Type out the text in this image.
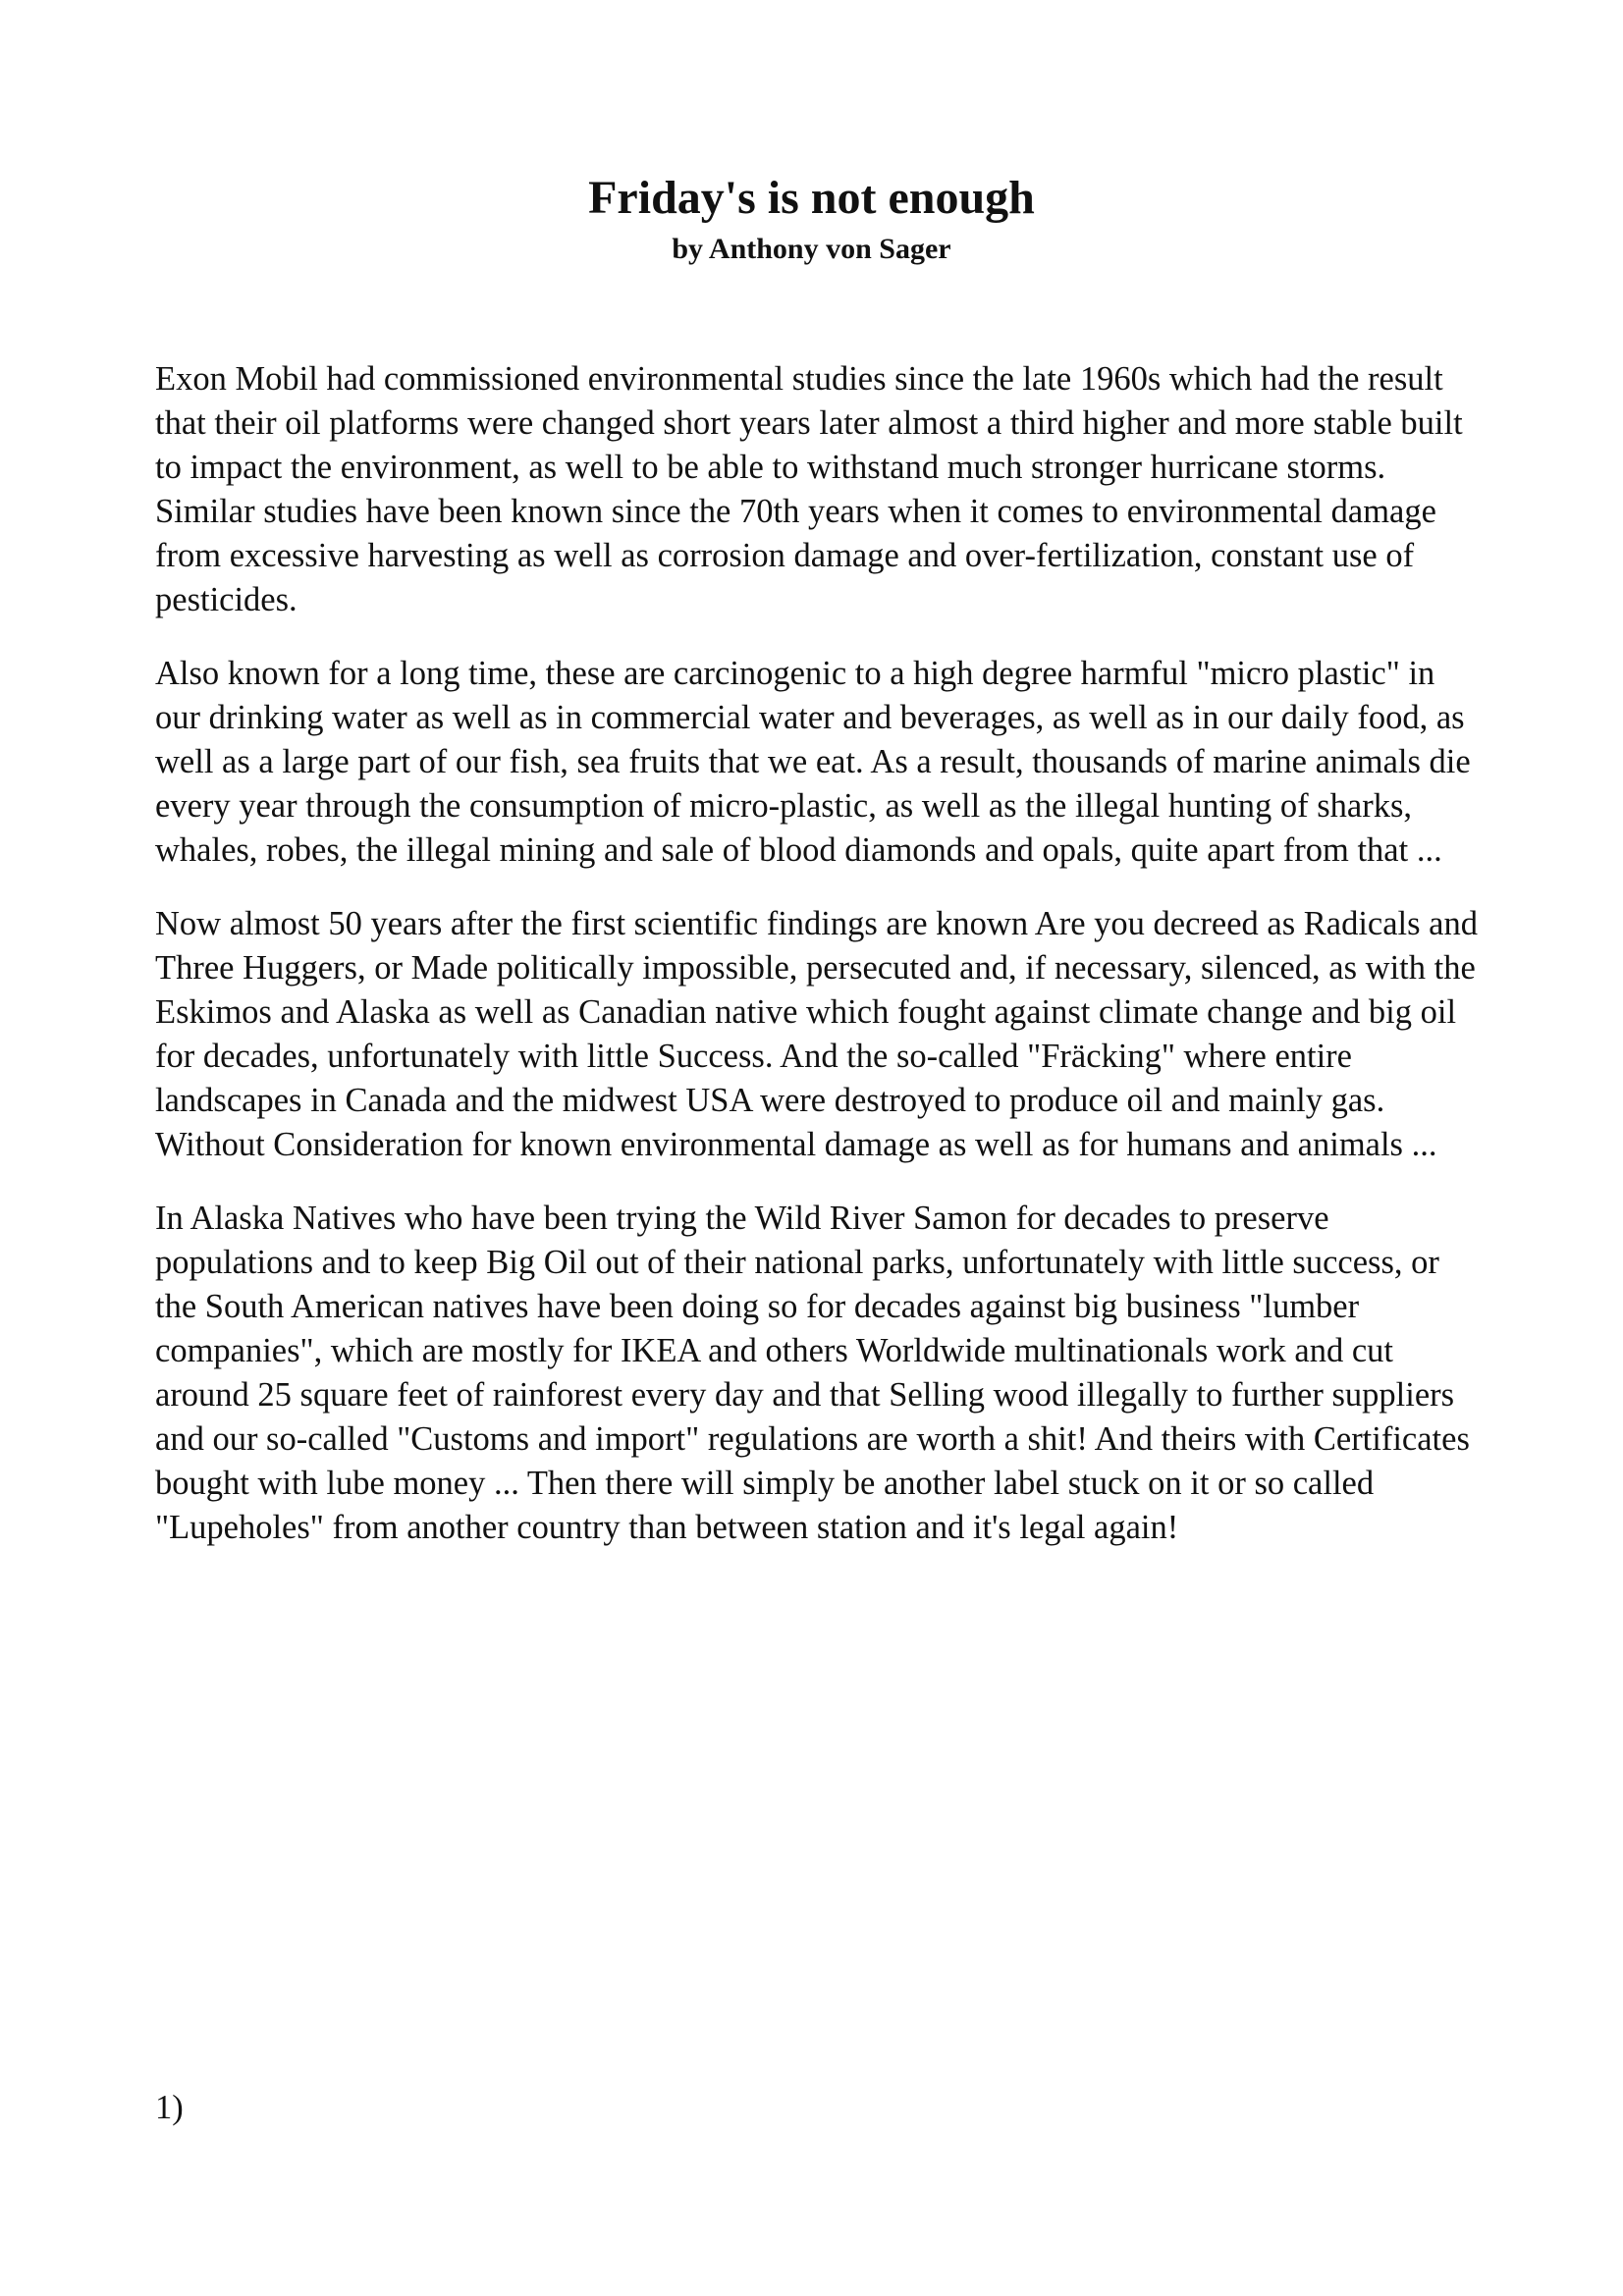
Friday's is not enough
by Anthony von Sager

Exon Mobil had commissioned environmental studies since the late 1960s which had the result that their oil platforms were changed short years later almost a third higher and more stable built to impact the environment, as well to be able to withstand much stronger hurricane storms. Similar studies have been known since the 70th years when it comes to environmental damage from excessive harvesting as well as corrosion damage and over-fertilization, constant use of pesticides.

Also known for a long time, these are carcinogenic to a high degree harmful "micro plastic" in our drinking water as well as in commercial water and beverages, as well as in our daily food, as well as a large part of our fish, sea fruits that we eat. As a result, thousands of marine animals die every year through the consumption of micro-plastic, as well as the illegal hunting of sharks, whales, robes, the illegal mining and sale of blood diamonds and opals, quite apart from that ...

Now almost 50 years after the first scientific findings are known Are you decreed as Radicals and Three Huggers, or Made politically impossible, persecuted and, if necessary, silenced, as with the Eskimos and Alaska as well as Canadian native which fought against climate change and big oil for decades, unfortunately with little Success. And the so-called "Fräcking" where entire landscapes in Canada and the midwest USA were destroyed to produce oil and mainly gas. Without Consideration for known environmental damage as well as for humans and animals ...

In Alaska Natives who have been trying the Wild River Samon for decades to preserve populations and to keep Big Oil out of their national parks, unfortunately with little success, or the South American natives have been doing so for decades against big business "lumber companies", which are mostly for IKEA and others Worldwide multinationals work and cut around 25 square feet of rainforest every day and that Selling wood illegally to further suppliers and our so-called "Customs and import" regulations are worth a shit! And theirs with Certificates bought with lube money ... Then there will simply be another label stuck on it or so called "Lupeholes" from another country than between station and it's legal again!

1)
